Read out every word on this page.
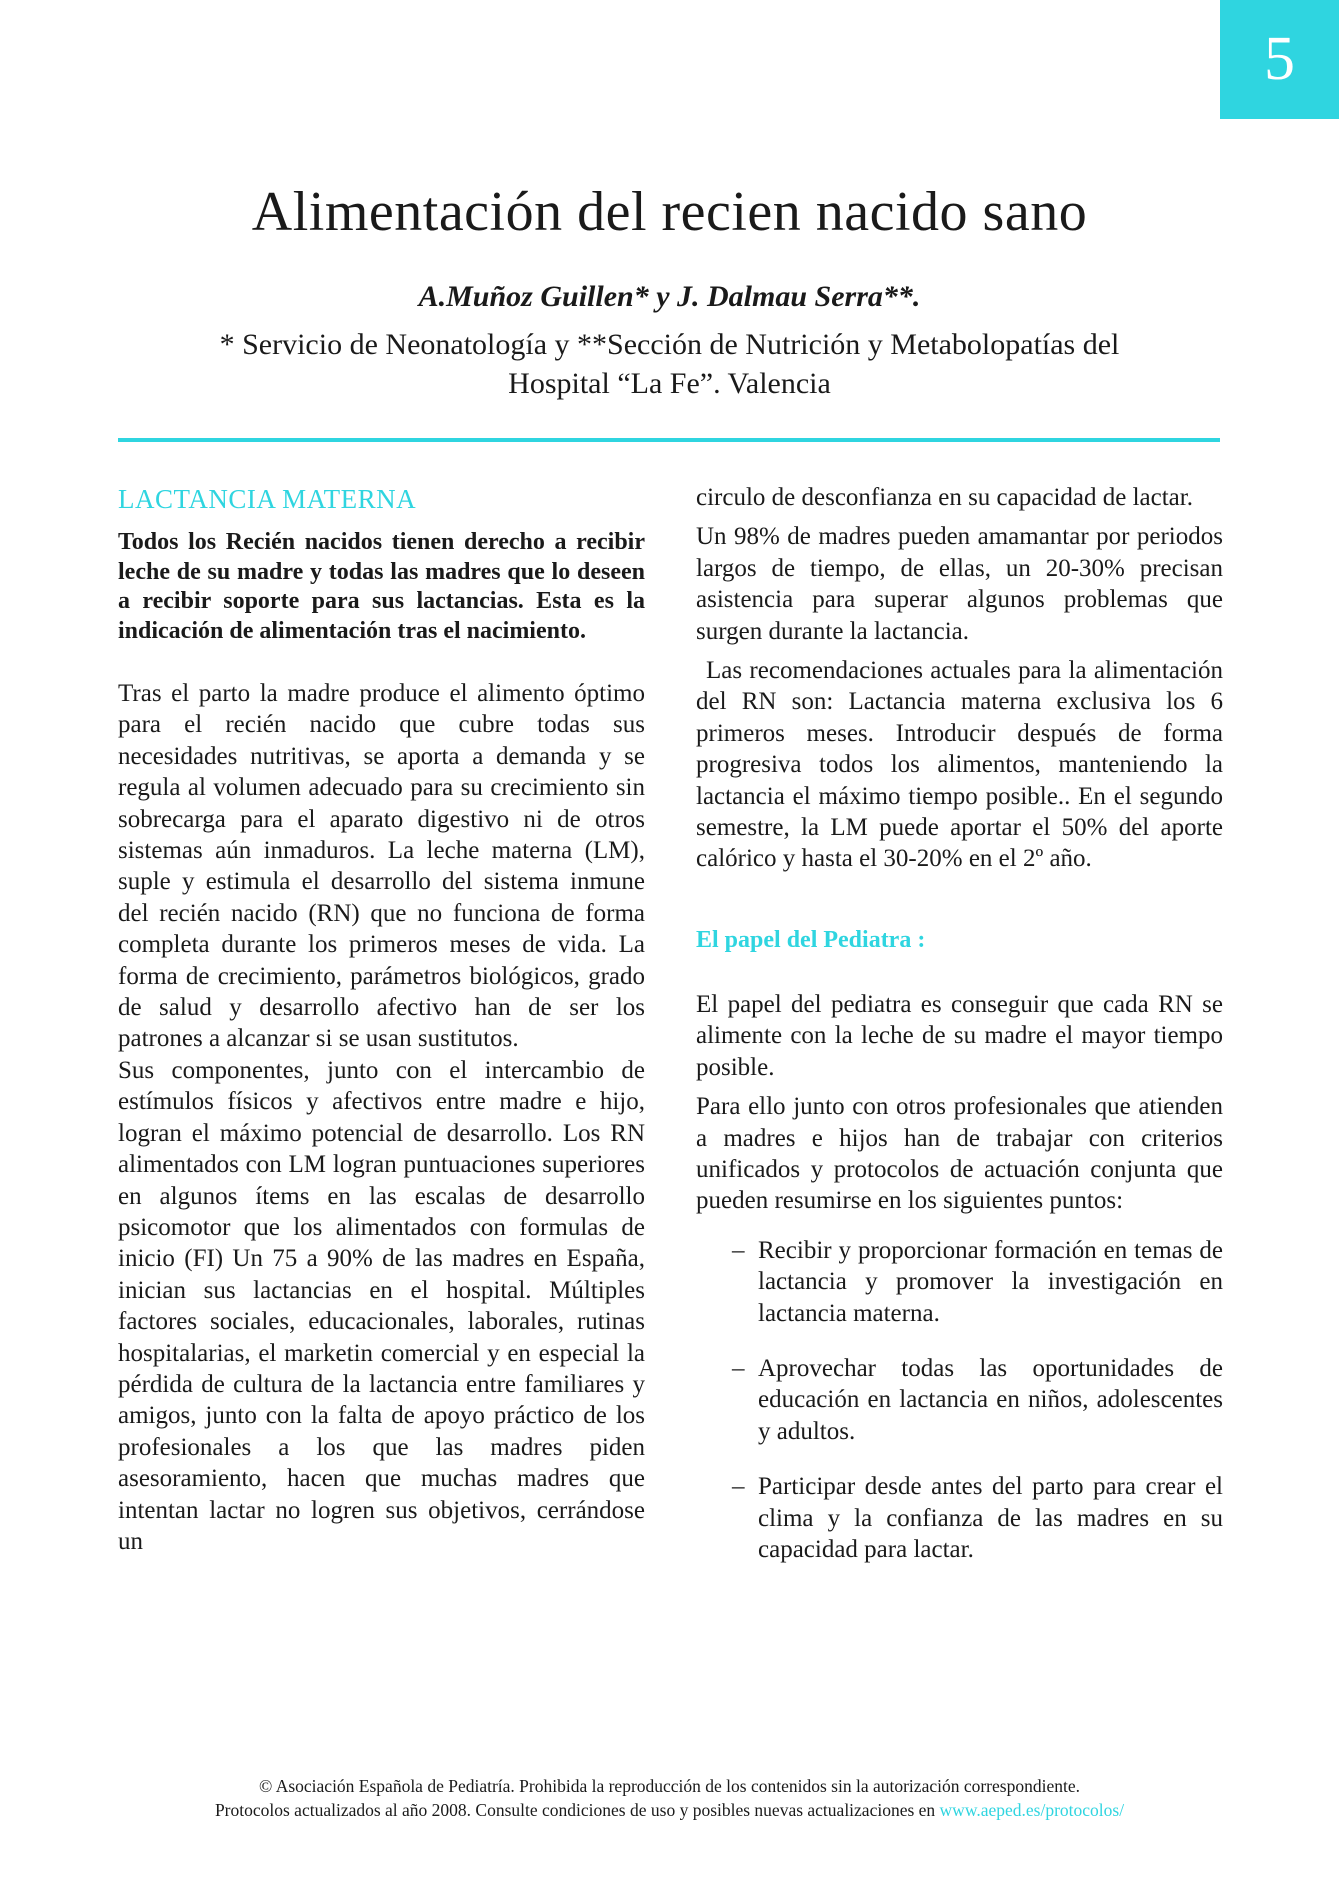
5
Alimentación del recien nacido sano
A.Muñoz Guillen* y J. Dalmau Serra**.
* Servicio de Neonatología y **Sección de Nutrición y Metabolopatías del
Hospital “La Fe”. Valencia
LACTANCIA MATERNA

Todos los Recién nacidos tienen derecho a recibir leche de su madre y todas las madres que lo deseen a recibir soporte para sus lactancias. Esta es la indicación de alimentación tras el nacimiento.

Tras el parto la madre produce el alimento óptimo para el recién nacido que cubre todas sus necesidades nutritivas, se aporta a demanda y se regula al volumen adecuado para su crecimiento sin sobrecarga para el aparato digestivo ni de otros sistemas aún inmaduros. La leche materna (LM), suple y estimula el desarrollo del sistema inmune del recién nacido (RN) que no funciona de forma completa durante los primeros meses de vida. La forma de crecimiento, parámetros biológicos, grado de salud y desarrollo afectivo han de ser los patrones a alcanzar si se usan sustitutos.

Sus componentes, junto con el intercambio de estímulos físicos y afectivos entre madre e hijo, logran el máximo potencial de desarrollo. Los RN alimentados con LM logran puntuaciones superiores en algunos ítems en las escalas de desarrollo psicomotor que los alimentados con formulas de inicio (FI) Un 75 a 90% de las madres en España, inician sus lactancias en el hospital. Múltiples factores sociales, educacionales, laborales, rutinas hospitalarias, el marketin comercial y en especial la pérdida de cultura de la lactancia entre familiares y amigos, junto con la falta de apoyo práctico de los profesionales a los que las madres piden asesoramiento, hacen que muchas madres que intentan lactar no logren sus objetivos, cerrándose un

circulo de desconfianza en su capacidad de lactar.

Un 98% de madres pueden amamantar por periodos largos de tiempo, de ellas, un 20-30% precisan asistencia para superar algunos problemas que surgen durante la lactancia.

Las recomendaciones actuales para la alimentación del RN son: Lactancia materna exclusiva los 6 primeros meses. Introducir después de forma progresiva todos los alimentos, manteniendo la lactancia el máximo tiempo posible.. En el segundo semestre, la LM puede aportar el 50% del aporte calórico y hasta el 30-20% en el 2º año.

El papel del Pediatra :

El papel del pediatra es conseguir que cada RN se alimente con la leche de su madre el mayor tiempo posible.

Para ello junto con otros profesionales que atienden a madres e hijos han de trabajar con criterios unificados y protocolos de actuación conjunta que pueden resumirse en los siguientes puntos:

– Recibir y proporcionar formación en temas de lactancia y promover la investigación en lactancia materna.
– Aprovechar todas las oportunidades de educación en lactancia en niños, adolescentes y adultos.
– Participar desde antes del parto para crear el clima y la confianza de las madres en su capacidad para lactar.
© Asociación Española de Pediatría. Prohibida la reproducción de los contenidos sin la autorización correspondiente.
Protocolos actualizados al año 2008. Consulte condiciones de uso y posibles nuevas actualizaciones en www.aeped.es/protocolos/
